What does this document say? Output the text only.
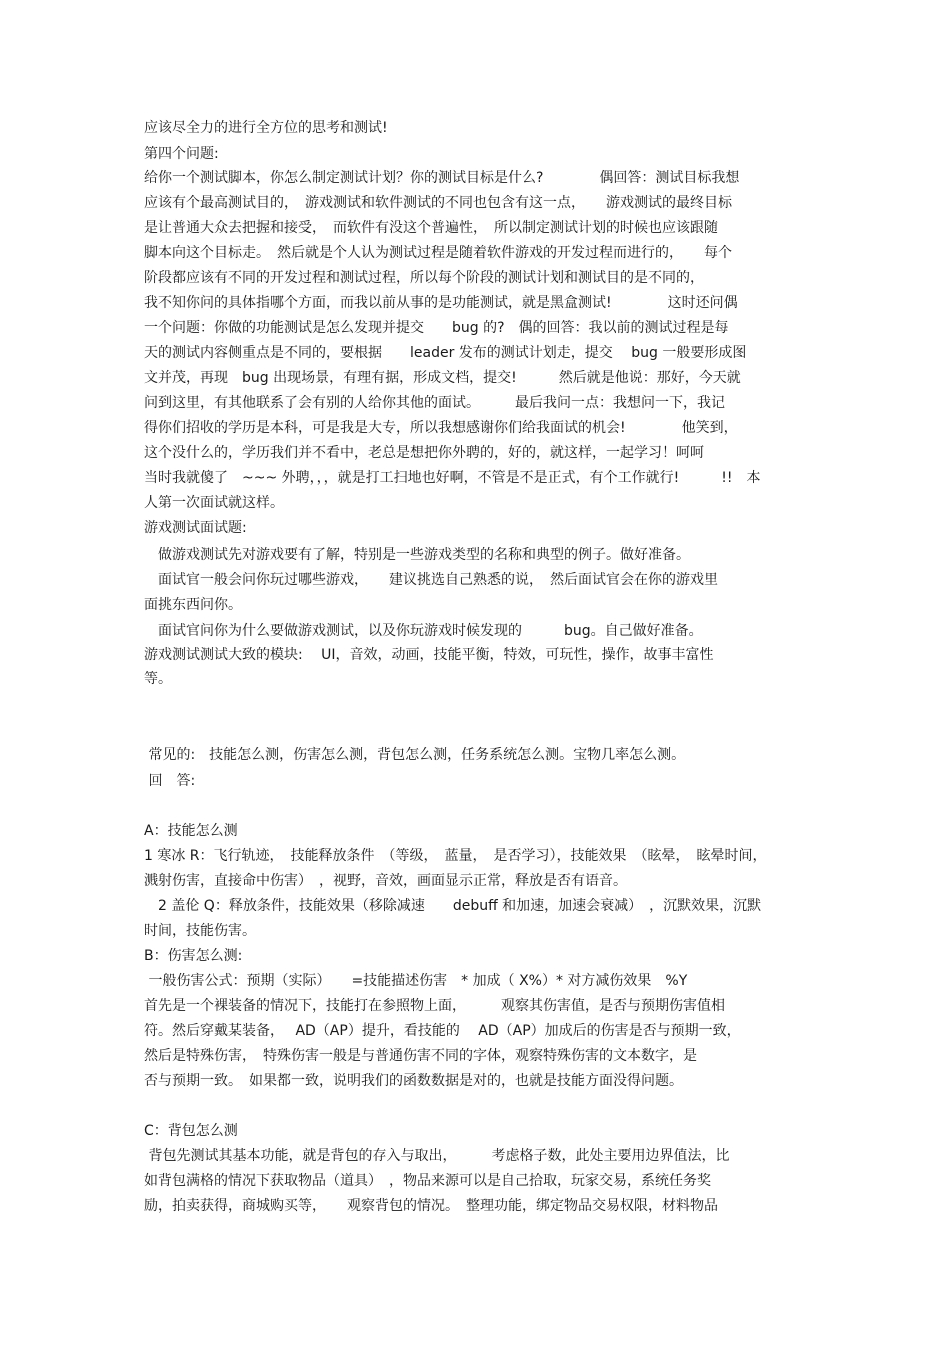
应该尽全力的进行全方位的思考和测试!
第四个问题:
给你一个测试脚本，你怎么制定测试计划？你的测试目标是什么?　　　　偶回答：测试目标我想
应该有个最高测试目的，　游戏测试和软件测试的不同也包含有这一点，　　游戏测试的最终目标
是让普通大众去把握和接受，　而软件有没这个普遍性，　所以制定测试计划的时候也应该跟随
脚本向这个目标走。　然后就是个人认为测试过程是随着软件游戏的开发过程而进行的，　　每个
阶段都应该有不同的开发过程和测试过程，所以每个阶段的测试计划和测试目的是不同的，
我不知你问的具体指哪个方面，而我以前从事的是功能测试，就是黑盒测试!　　　　这时还问偶
一个问题：你做的功能测试是怎么发现并提交　　bug 的?　偶的回答：我以前的测试过程是每
天的测试内容侧重点是不同的，要根据　　leader 发布的测试计划走，提交　 bug 一般要形成图
文并茂，再现　bug 出现场景，有理有据，形成文档，提交!　　　然后就是他说：那好，今天就
问到这里，有其他联系了会有别的人给你其他的面试。　　　最后我问一点：我想问一下，我记
得你们招收的学历是本科，可是我是大专，所以我想感谢你们给我面试的机会!　　　　他笑到，
这个没什么的，学历我们并不看中，老总是想把你外聘的，好的，就这样，一起学习！呵呵
当时我就傻了　~~~ 外聘，，，就是打工扫地也好啊，不管是不是正式，有个工作就行!　　　!!　本
人第一次面试就这样。
游戏测试面试题:
　做游戏测试先对游戏要有了解，特别是一些游戏类型的名称和典型的例子。做好准备。
　面试官一般会问你玩过哪些游戏，　　建议挑选自己熟悉的说，　然后面试官会在你的游戏里
面挑东西问你。
　面试官问你为什么要做游戏测试，以及你玩游戏时候发现的　　　bug。自己做好准备。
游戏测试测试大致的模块:　 UI，音效，动画，技能平衡，特效，可玩性，操作，故事丰富性
等。
常见的:　技能怎么测，伤害怎么测，背包怎么测，任务系统怎么测。宝物几率怎么测。
回　答:
A：技能怎么测
1 寒冰 R：飞行轨迹，　技能释放条件　（等级，　蓝量，　是否学习），技能效果　（眩晕，　眩晕时间，
溅射伤害，直接命中伤害）　，视野，音效，画面显示正常，释放是否有语音。
　2 盖伦 Q：释放条件，技能效果（移除减速　　debuff 和加速，加速会衰减）　，沉默效果，沉默
时间，技能伤害。
B：伤害怎么测:
一般伤害公式：预期（实际）　　=技能描述伤害　* 加成（ X%）* 对方减伤效果　%Y
首先是一个裸装备的情况下，技能打在参照物上面，　　　观察其伤害值，是否与预期伤害值相
符。然后穿戴某装备，　 AD（AP）提升，看技能的　 AD（AP）加成后的伤害是否与预期一致，
然后是特殊伤害，　特殊伤害一般是与普通伤害不同的字体，观察特殊伤害的文本数字，是
否与预期一致。　如果都一致，说明我们的函数数据是对的，也就是技能方面没得问题。
C：背包怎么测
背包先测试其基本功能，就是背包的存入与取出，　　　考虑格子数，此处主要用边界值法，比
如背包满格的情况下获取物品（道具）　，物品来源可以是自己拾取，玩家交易，系统任务奖
励，拍卖获得，商城购买等，　　观察背包的情况。　整理功能，绑定物品交易权限，材料物品
